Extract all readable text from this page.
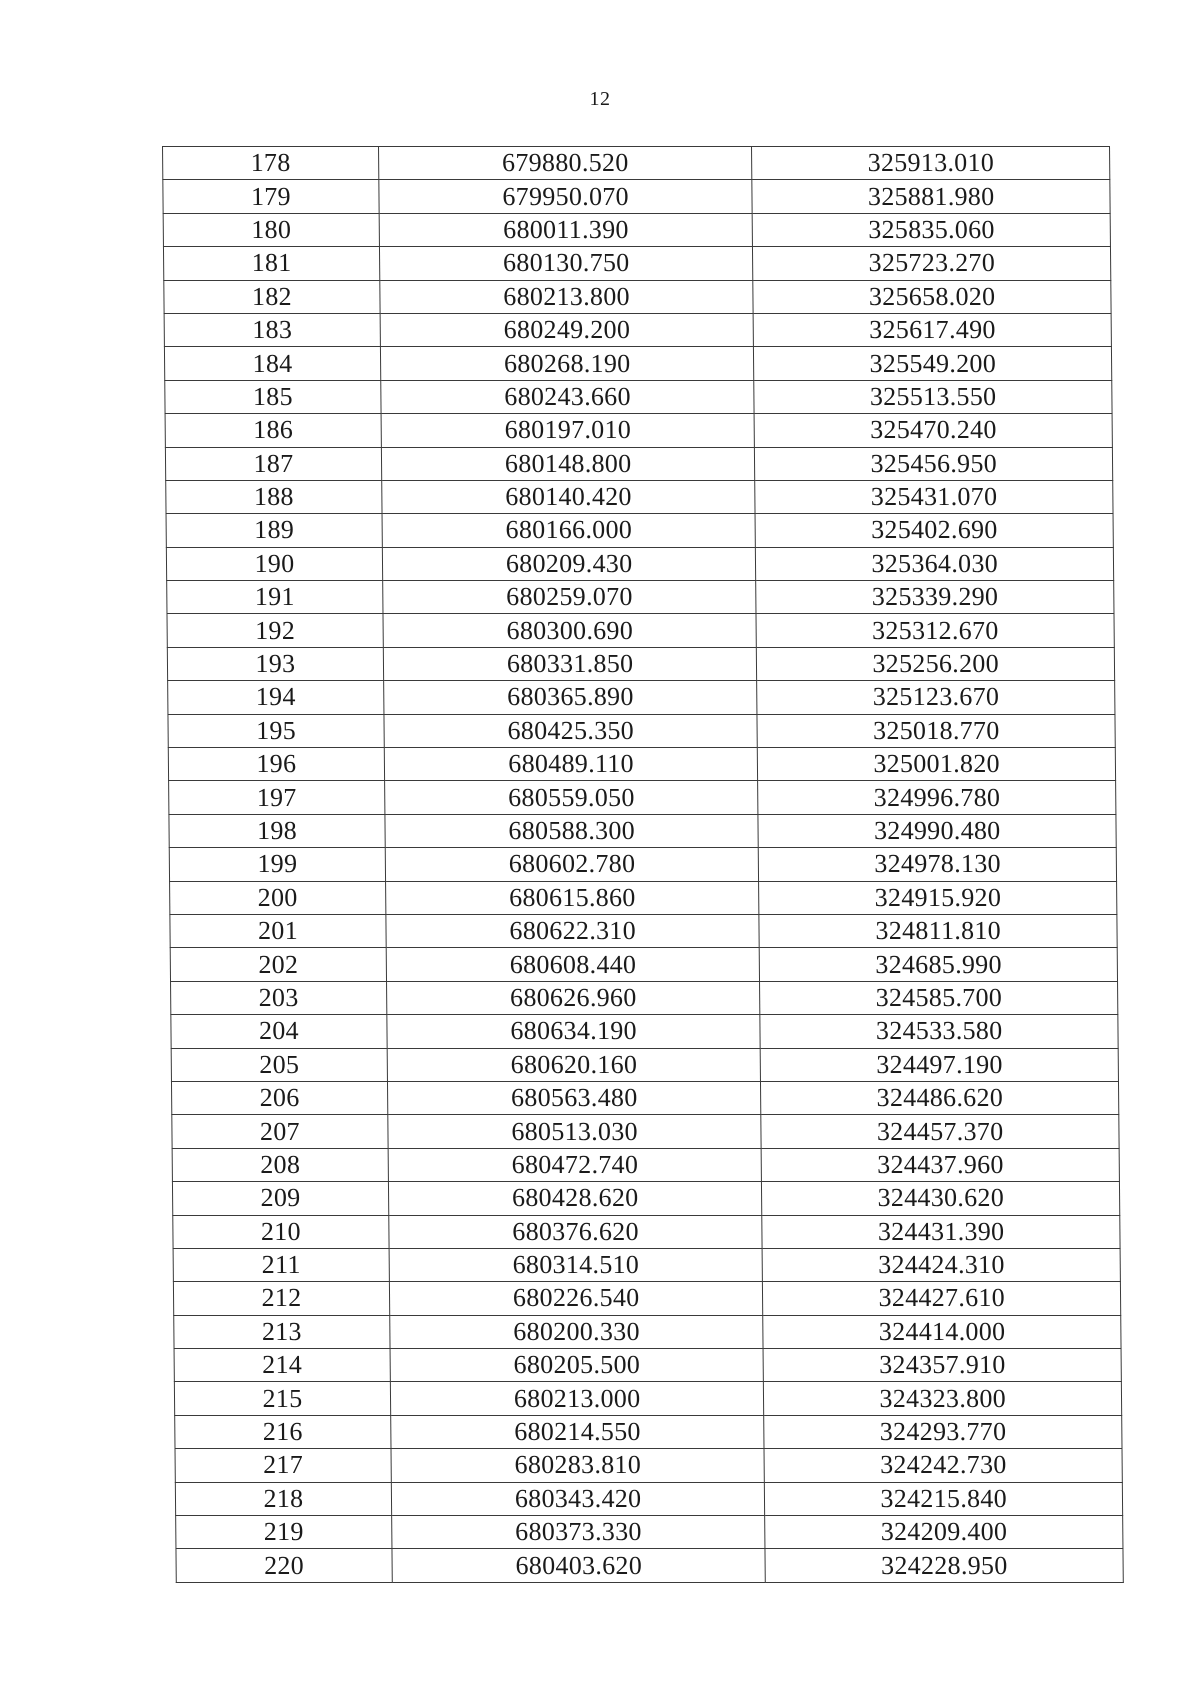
12
178	679880.520	325913.010
179	679950.070	325881.980
180	680011.390	325835.060
181	680130.750	325723.270
182	680213.800	325658.020
183	680249.200	325617.490
184	680268.190	325549.200
185	680243.660	325513.550
186	680197.010	325470.240
187	680148.800	325456.950
188	680140.420	325431.070
189	680166.000	325402.690
190	680209.430	325364.030
191	680259.070	325339.290
192	680300.690	325312.670
193	680331.850	325256.200
194	680365.890	325123.670
195	680425.350	325018.770
196	680489.110	325001.820
197	680559.050	324996.780
198	680588.300	324990.480
199	680602.780	324978.130
200	680615.860	324915.920
201	680622.310	324811.810
202	680608.440	324685.990
203	680626.960	324585.700
204	680634.190	324533.580
205	680620.160	324497.190
206	680563.480	324486.620
207	680513.030	324457.370
208	680472.740	324437.960
209	680428.620	324430.620
210	680376.620	324431.390
211	680314.510	324424.310
212	680226.540	324427.610
213	680200.330	324414.000
214	680205.500	324357.910
215	680213.000	324323.800
216	680214.550	324293.770
217	680283.810	324242.730
218	680343.420	324215.840
219	680373.330	324209.400
220	680403.620	324228.950
